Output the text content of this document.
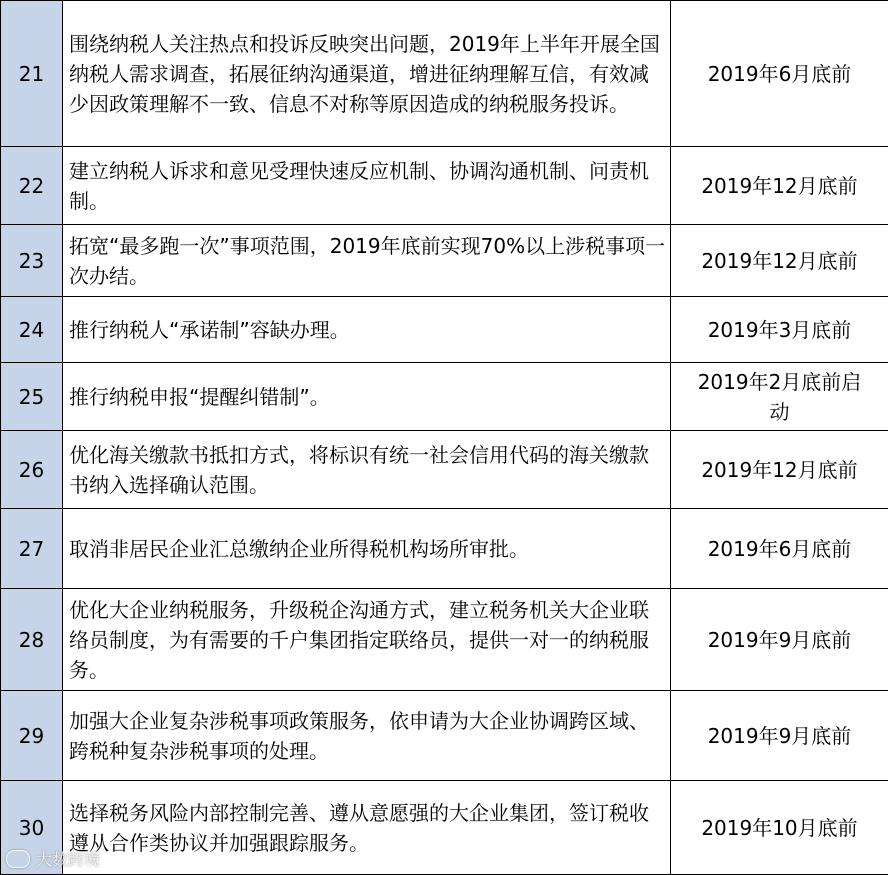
21	围绕纳税人关注热点和投诉反映突出问题，2019年上半年开展全国纳税人需求调查，拓展征纳沟通渠道，增进征纳理解互信，有效减少因政策理解不一致、信息不对称等原因造成的纳税服务投诉。	2019年6月底前
22	建立纳税人诉求和意见受理快速反应机制、协调沟通机制、问责机制。	2019年12月底前
23	拓宽“最多跑一次”事项范围，2019年底前实现70%以上涉税事项一次办结。	2019年12月底前
24	推行纳税人“承诺制”容缺办理。	2019年3月底前
25	推行纳税申报“提醒纠错制”。	2019年2月底前启动
26	优化海关缴款书抵扣方式，将标识有统一社会信用代码的海关缴款书纳入选择确认范围。	2019年12月底前
27	取消非居民企业汇总缴纳企业所得税机构场所审批。	2019年6月底前
28	优化大企业纳税服务，升级税企沟通方式，建立税务机关大企业联络员制度，为有需要的千户集团指定联络员，提供一对一的纳税服务。	2019年9月底前
29	加强大企业复杂涉税事项政策服务，依申请为大企业协调跨区域、跨税种复杂涉税事项的处理。	2019年9月底前
30	选择税务风险内部控制完善、遵从意愿强的大企业集团，签订税收遵从合作类协议并加强跟踪服务。	2019年10月底前
大数跨境
